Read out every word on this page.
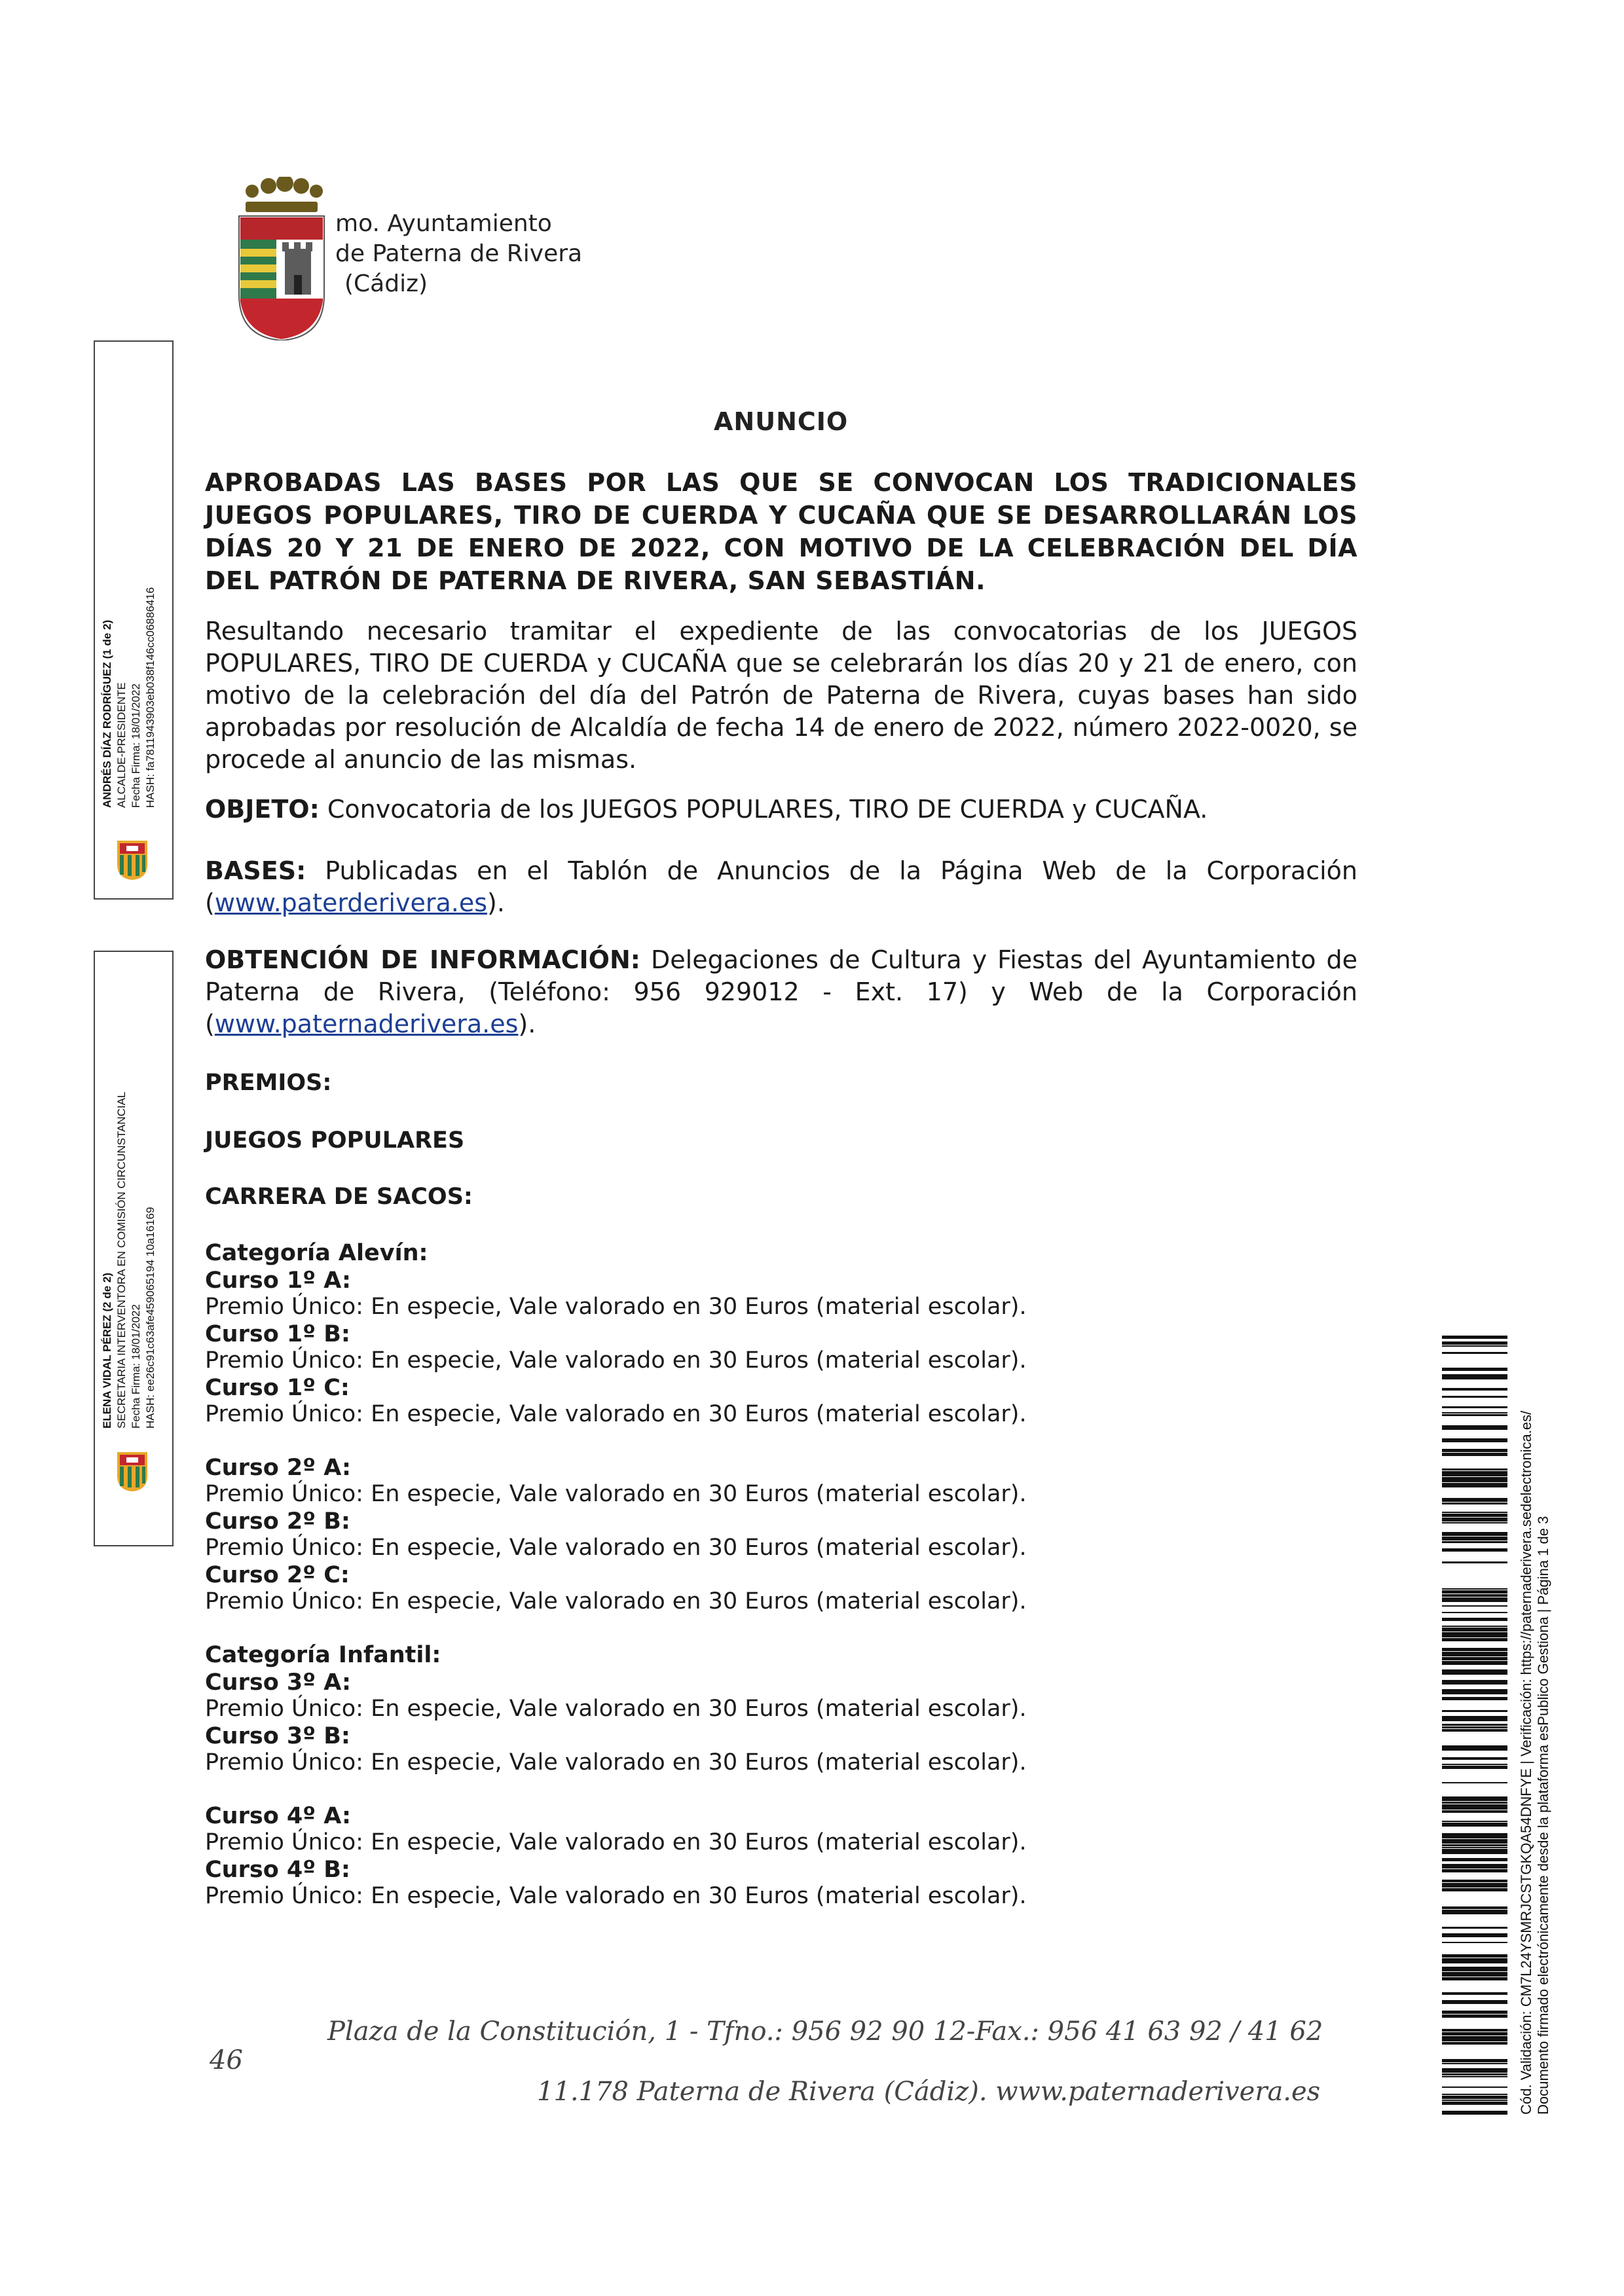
mo. Ayuntamiento
de Paterna de Rivera
(Cádiz)
ANDRÉS DÍAZ RODRÍGUEZ (1 de 2) ALCALDE-PRESIDENTE Fecha Firma: 18/01/2022 HASH: fa7811943903eb038f146cc06886416
ELENA VIDAL PÉREZ (2 de 2) SECRETARIA INTERVENTORA EN COMISIÓN CIRCUNSTANCIAL Fecha Firma: 18/01/2022 HASH: ee26c91c63afe459065194 10a16169
ANUNCIO
APROBADAS LAS BASES POR LAS QUE SE CONVOCAN LOS TRADICIONALES JUEGOS POPULARES, TIRO DE CUERDA Y CUCAÑA QUE SE DESARROLLARÁN LOS DÍAS 20 Y 21 DE ENERO DE 2022, CON MOTIVO DE LA CELEBRACIÓN DEL DÍA DEL PATRÓN DE PATERNA DE RIVERA, SAN SEBASTIÁN.
Resultando necesario tramitar el expediente de las convocatorias de los JUEGOS POPULARES, TIRO DE CUERDA y CUCAÑA que se celebrarán los días 20 y 21 de enero, con motivo de la celebración del día del Patrón de Paterna de Rivera, cuyas bases han sido aprobadas por resolución de Alcaldía de fecha 14 de enero de 2022, número 2022-0020, se procede al anuncio de las mismas.
OBJETO: Convocatoria de los JUEGOS POPULARES, TIRO DE CUERDA y CUCAÑA.
BASES: Publicadas en el Tablón de Anuncios de la Página Web de la Corporación (www.paterderivera.es).
OBTENCIÓN DE INFORMACIÓN: Delegaciones de Cultura y Fiestas del Ayuntamiento de Paterna de Rivera, (Teléfono: 956 929012 - Ext. 17) y Web de la Corporación (www.paternaderivera.es).
PREMIOS:
JUEGOS POPULARES
CARRERA DE SACOS:
Categoría Alevín:
Curso 1º A:
Premio Único: En especie, Vale valorado en 30 Euros (material escolar).
Curso 1º B:
Premio Único: En especie, Vale valorado en 30 Euros (material escolar).
Curso 1º C:
Premio Único: En especie, Vale valorado en 30 Euros (material escolar).
Curso 2º A:
Premio Único: En especie, Vale valorado en 30 Euros (material escolar).
Curso 2º B:
Premio Único: En especie, Vale valorado en 30 Euros (material escolar).
Curso 2º C:
Premio Único: En especie, Vale valorado en 30 Euros (material escolar).
Categoría Infantil:
Curso 3º A:
Premio Único: En especie, Vale valorado en 30 Euros (material escolar).
Curso 3º B:
Premio Único: En especie, Vale valorado en 30 Euros (material escolar).
Curso 4º A:
Premio Único: En especie, Vale valorado en 30 Euros (material escolar).
Curso 4º B:
Premio Único: En especie, Vale valorado en 30 Euros (material escolar).
46
Plaza de la Constitución, 1 - Tfno.: 956 92 90 12-Fax.: 956 41 63 92 / 41 62
11.178 Paterna de Rivera (Cádiz). www.paternaderivera.es	Cód. Validación: CM7L24YSMRJCSTGKQA54DNFYE | Verificación: https://paternaderivera.sedelectronica.es/ Documento firmado electrónicamente desde la plataforma esPublico Gestiona | Página 1 de 3
